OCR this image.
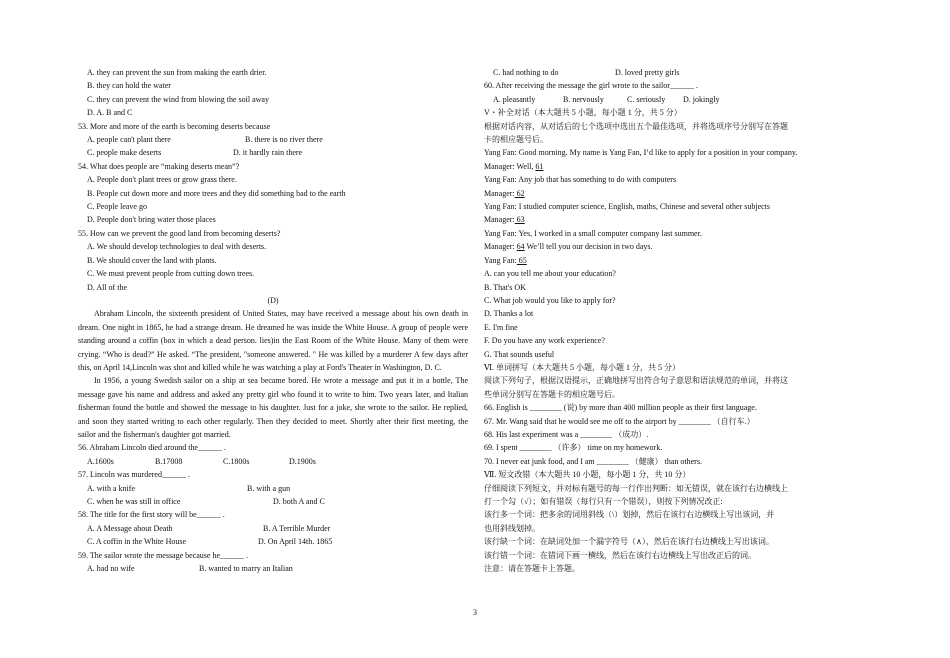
A. they can prevent the sun from making the earth drier.
B. they can hold the water
C. they can prevent the wind from blowing the soil away
D. A. B and C
53. More and more of the earth is becoming deserts because
A. people can't plant there	B. there is no river there
C. people make deserts	D. it hardly rain there
54. What does people are “making deserts mean”?
A. People don't plant trees or grow grass there.
B. People cut down more and more trees and they did something bad to the earth
C. People leave go
D. People don't bring water those places
55. How can we prevent the good land from becoming deserts?
A. We should develop technologies to deal with deserts.
B. We should cover the land with plants.
C. We must prevent people from cutting down trees.
D. All of the
(D)
Abraham Lincoln, the sixteenth president of United States, may have received a message about his own death in dream. One night in 1865, he had a strange dream. He dreamed he was inside the White House. A group of people were standing around a coffin (box in which a dead person. lies)in the East Room of the White House. Many of them were crying. “Who is dead?” He asked. “The president, "someone answered. " He was killed by a murderer A few days after this, on April 14,Lincoln was shot and killed while he was watching a play at Ford's Theater in Washington, D. C.
In 1956, a young Swedish sailor on a ship at sea became bored. He wrote a message and put it in a bottle, The message gave his name and address and asked any pretty girl who found it to write to him. Two years later, and Italian fisherman found the bottle and showed the message to his daughter. Just for a joke, she wrote to the sailor. He replied, and soon they started writing to each other regularly. Then they decided to meet. Shortly after their first meeting, the sailor and the fisherman's daughter got married.
56. Abraham Lincoln died around the______ .
A.1600s	B.17008	C.1800s	D.1900s
57. Lincoln was murdered______ .
A. with a knife	B. with a gun
C. when he was still in office	D. both A and C
58. The title for the first story will be______ .
A. A Message about Death	B. A Terrible Murder
C. A coffin in the White House	D. On April 14th. 1865
59. The sailor wrote the message because he______ .
A. had no wife	B. wanted to marry an Italian
C. had nothing to do	D. loved pretty girls
60. After receiving the message the girl wrote to the sailor______ .
A. pleasantly	B. nervously	C. seriously	D. jokingly
V・补全对话（本大题共 5 小题，每小题 1 分，共 5 分）
根据对话内容，从对话后的七个选项中选出五个最佳选项，并将选项序号分别写在答题
卡的相应题号后。
Yang Fan: Good morning. My name is Yang Fan, I’d like to apply for a position in your company.
Manager: Well, 61
Yang Fan: Any job that has something to do with computers
Manager: 62
Yang Fan: I studied computer science, English, maths, Chinese and several other subjects
Manager: 63
Yang Fan: Yes, I worked in a small computer company last summer.
Manager: 64 We’ll tell you our decision in two days.
Yang Fan: 65
A. can you tell me about your education?
B. That's OK
C. What job would you like to apply for?
D. Thanks a lot
E. I'm fine
F. Do you have any work experience?
G. That sounds useful
Ⅵ. 单词拼写（本大题共 5 小题，每小题 1 分，共 5 分）
阅读下列句子，根据汉语提示，正确地拼写出符合句子意思和语法规范的单词，并将这
些单词分别写在答题卡的相应题号后。
66. English is ________ (说) by more than 400 million people as their first language.
67. Mr. Wang said that he would see me off to the airport by ________ （自行车.）
68. His last experiment was a ________ （成功）.
69. I spent ________ （许多） time on my homework.
70. I never eat junk food, and I am ________ （健康） than others.
Ⅶ. 短文改错（本大题共 10 小题，每小题 1 分，共 10 分）
仔细阅读下列短文，并对标有题号的每一行作出判断：如无错误，就在该行右边横线上
打一个勾（√）；如有错误（每行只有一个错误），则按下列情况改正:
该行多一个词：把多余的词用斜线（\）划掉，然后在该行右边横线上写出该词，并
也用斜线划掉。
该行缺一个词：在缺词处加一个漏字符号（∧），然后在该行右边横线上写出该词。
该行错一个词：在错词下画一横线，然后在该行右边横线上写出改正后的词。
注意：请在答题卡上答题。
3
